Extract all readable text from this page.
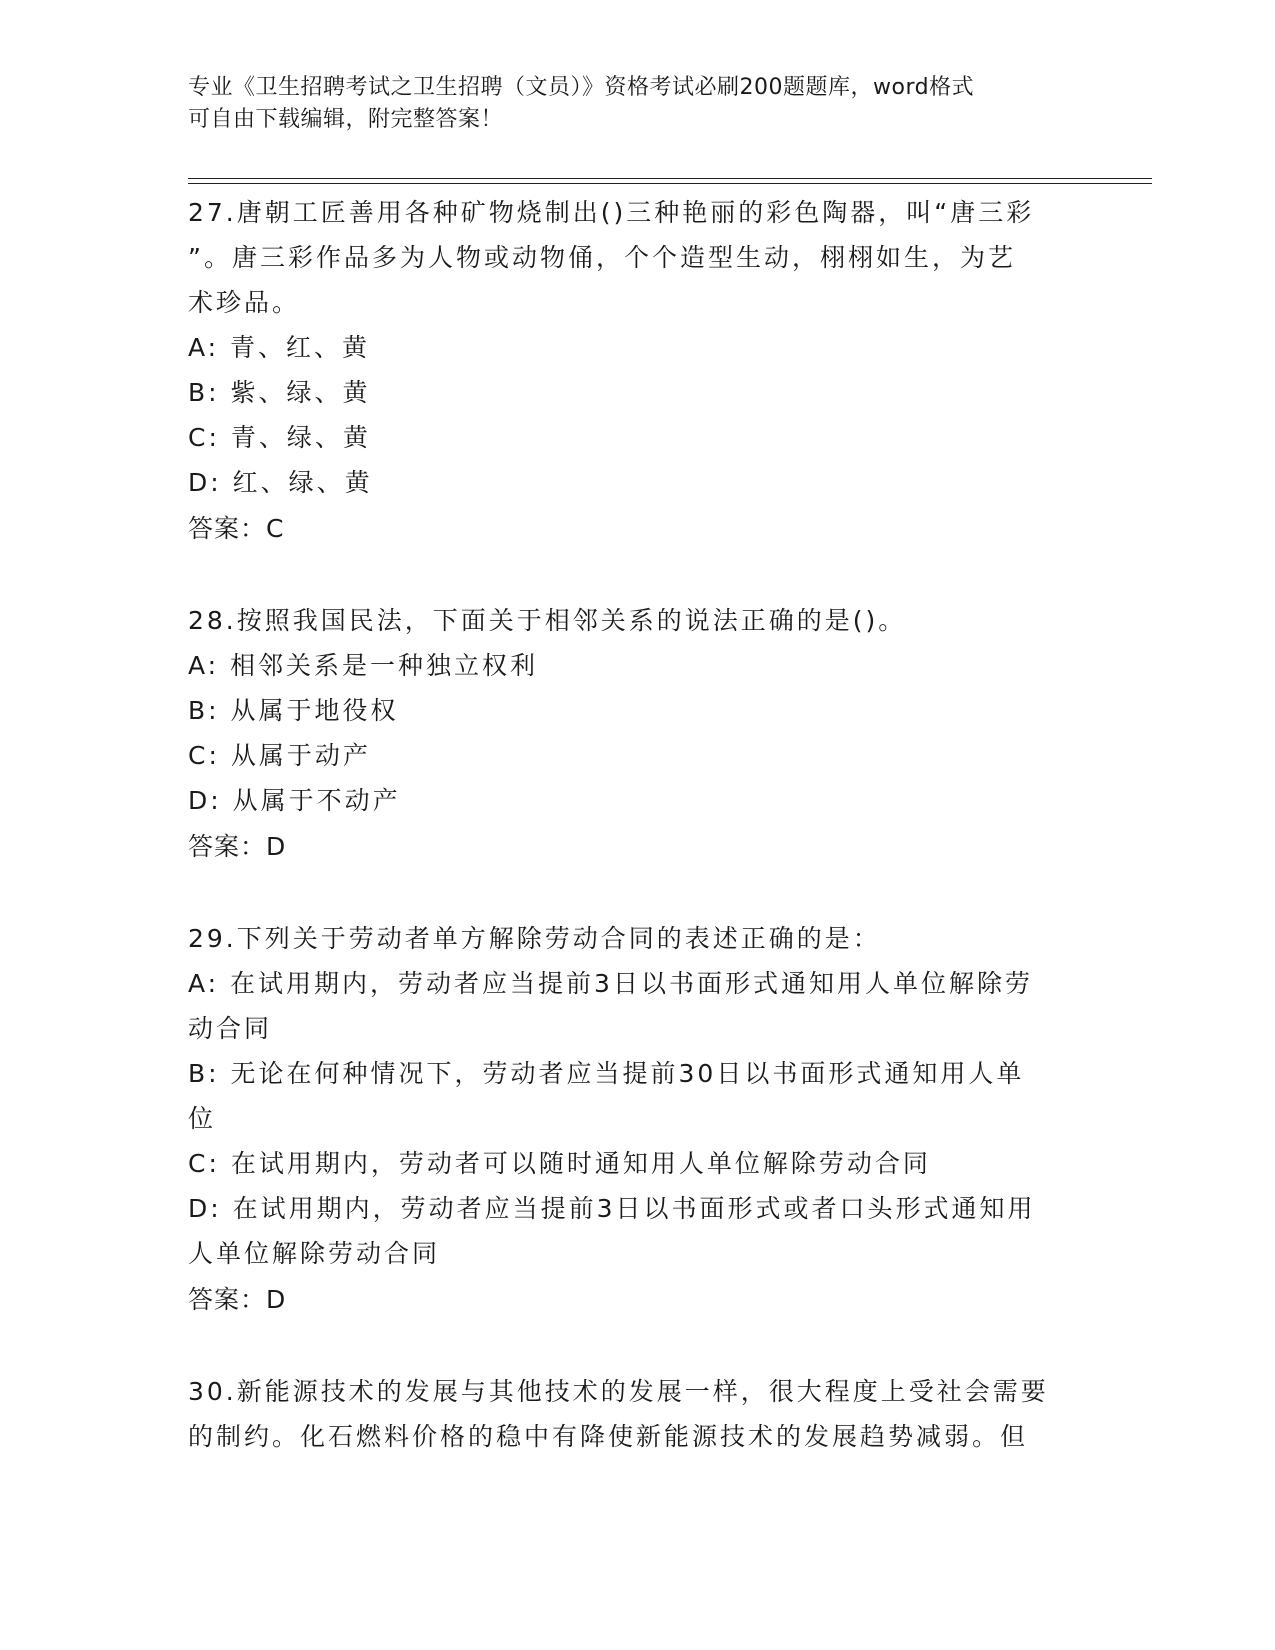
专业《卫生招聘考试之卫生招聘（文员）》资格考试必刷200题题库，word格式
可自由下载编辑，附完整答案！

27.唐朝工匠善用各种矿物烧制出()三种艳丽的彩色陶器，叫“唐三彩

”。唐三彩作品多为人物或动物俑，个个造型生动，栩栩如生，为艺

术珍品。

A: 青、红、黄

B: 紫、绿、黄

C: 青、绿、黄

D: 红、绿、黄

答案：C

28.按照我国民法，下面关于相邻关系的说法正确的是()。

A: 相邻关系是一种独立权利

B: 从属于地役权

C: 从属于动产

D: 从属于不动产

答案：D

29.下列关于劳动者单方解除劳动合同的表述正确的是：

A: 在试用期内，劳动者应当提前3日以书面形式通知用人单位解除劳

动合同

B: 无论在何种情况下，劳动者应当提前30日以书面形式通知用人单

位

C: 在试用期内，劳动者可以随时通知用人单位解除劳动合同

D: 在试用期内，劳动者应当提前3日以书面形式或者口头形式通知用

人单位解除劳动合同

答案：D

30.新能源技术的发展与其他技术的发展一样，很大程度上受社会需要

的制约。化石燃料价格的稳中有降使新能源技术的发展趋势减弱。但
